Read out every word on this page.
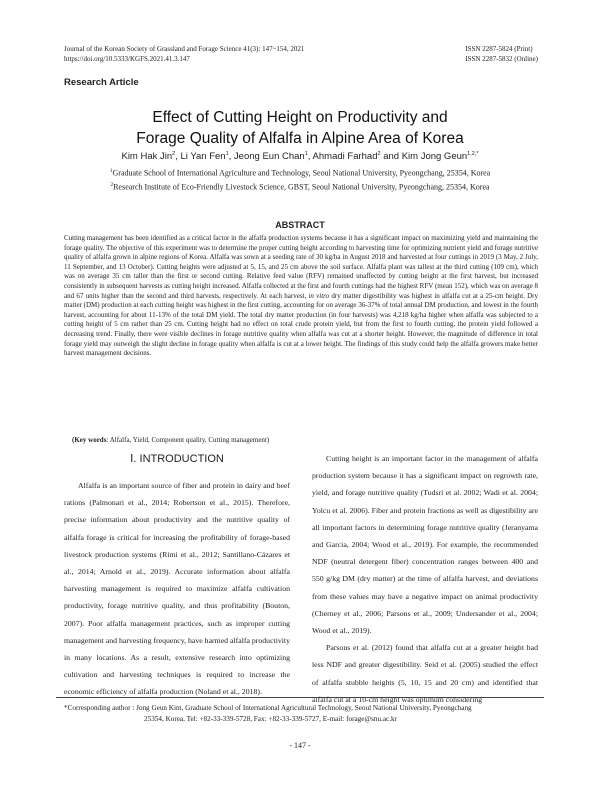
Journal of the Korean Society of Grassland and Forage Science 41(3): 147~154, 2021
https://doi.org/10.5333/KGFS.2021.41.3.147
ISSN 2287-5824 (Print)
ISSN 2287-5832 (Online)
Research Article
Effect of Cutting Height on Productivity and
Forage Quality of Alfalfa in Alpine Area of Korea
Kim Hak Jin$^2$, Li Yan Fen$^1$, Jeong Eun Chan$^1$, Ahmadi Farhad$^2$ and Kim Jong Geun$^{1,2,*}$
$^1$Graduate School of International Agriculture and Technology, Seoul National University, Pyeongchang, 25354, Korea
$^2$Research Institute of Eco-Friendly Livestock Science, GBST, Seoul National University, Pyeongchang, 25354, Korea
ABSTRACT
Cutting management has been identified as a critical factor in the alfalfa production systems because it has a significant impact on maximizing yield and maintaining the forage quality. The objective of this experiment was to determine the proper cutting height according to harvesting time for optimizing nutrient yield and forage nutritive quality of alfalfa grown in alpine regions of Korea. Alfalfa was sown at a seeding rate of 30 kg/ha in August 2018 and harvested at four cuttings in 2019 (3 May, 2 July, 11 September, and 13 October). Cutting heights were adjusted at 5, 15, and 25 cm above the soil surface. Alfalfa plant was tallest at the third cutting (109 cm), which was on average 35 cm taller than the first or second cutting. Relative feed value (RFV) remained unaffected by cutting height at the first harvest, but increased consistently in subsequent harvests as cutting height increased. Alfalfa collected at the first and fourth cuttings had the highest RFV (mean 152), which was on average 8 and 67 units higher than the second and third harvests, respectively. At each harvest, in vitro dry matter digestibility was highest in alfalfa cut at a 25-cm height. Dry matter (DM) production at each cutting height was highest in the first cutting, accounting for on average 36-37% of total annual DM production, and lowest in the fourth harvest, accounting for about 11-13% of the total DM yield. The total dry matter production (in four harvests) was 4,218 kg/ha higher when alfalfa was subjected to a cutting height of 5 cm rather than 25 cm. Cutting height had no effect on total crude protein yield, but from the first to fourth cutting, the protein yield followed a decreasing trend. Finally, there were visible declines in forage nutritive quality when alfalfa was cut at a shorter height. However, the magnitude of difference in total forage yield may outweigh the slight decline in forage quality when alfalfa is cut at a lower height. The findings of this study could help the alfalfa growers make better harvest management decisions.
(Key words: Alfalfa, Yield, Component quality, Cutting management)
Ⅰ. INTRODUCTION

Alfalfa is an important source of fiber and protein in dairy and beef rations (Palmonari et al., 2014; Robertson et al., 2015). Therefore, precise information about productivity and the nutritive quality of alfalfa forage is critical for increasing the profitability of forage-based livestock production systems (Rimi et al., 2012; Santillano-Cázares et al., 2014; Arnold et al., 2019). Accurate information about alfalfa harvesting management is required to maximize alfalfa cultivation productivity, forage nutritive quality, and thus profitability (Bouton, 2007). Poor alfalfa management practices, such as improper cutting management and harvesting frequency, have harmed alfalfa productivity in many locations. As a result, extensive research into optimizing cultivation and harvesting techniques is required to increase the economic efficiency of alfalfa production (Noland et al., 2018).

Cutting height is an important factor in the management of alfalfa production system because it has a significant impact on regrowth rate, yield, and forage nutritive quality (Tudsri et al. 2002; Wadi et al. 2004; Yolcu et al. 2006). Fiber and protein fractions as well as digestibility are all important factors in determining forage nutritive quality (Jeranyama and Garcia, 2004; Wood et al., 2019). For example, the recommended NDF (neutral detergent fiber) concentration ranges between 400 and 550 g/kg DM (dry matter) at the time of alfalfa harvest, and deviations from these values may have a negative impact on animal productivity (Cherney et al., 2006; Parsons et al., 2009; Undersander et al., 2004; Wood et al., 2019).

Parsons et al. (2012) found that alfalfa cut at a greater height had less NDF and greater digestibility. Seid et al. (2005) studied the effect of alfalfa stubble heights (5, 10, 15 and 20 cm) and identified that alfalfa cut at a 10-cm height was optimum considering

*Corresponding author : Jong Geun Kim, Graduate School of International Agricultural Technology, Seoul National University, Pyeongchang
25354, Korea, Tel: +82-33-339-5728, Fax: +82-33-339-5727, E-mail: forage@snu.ac.kr
- 147 -
